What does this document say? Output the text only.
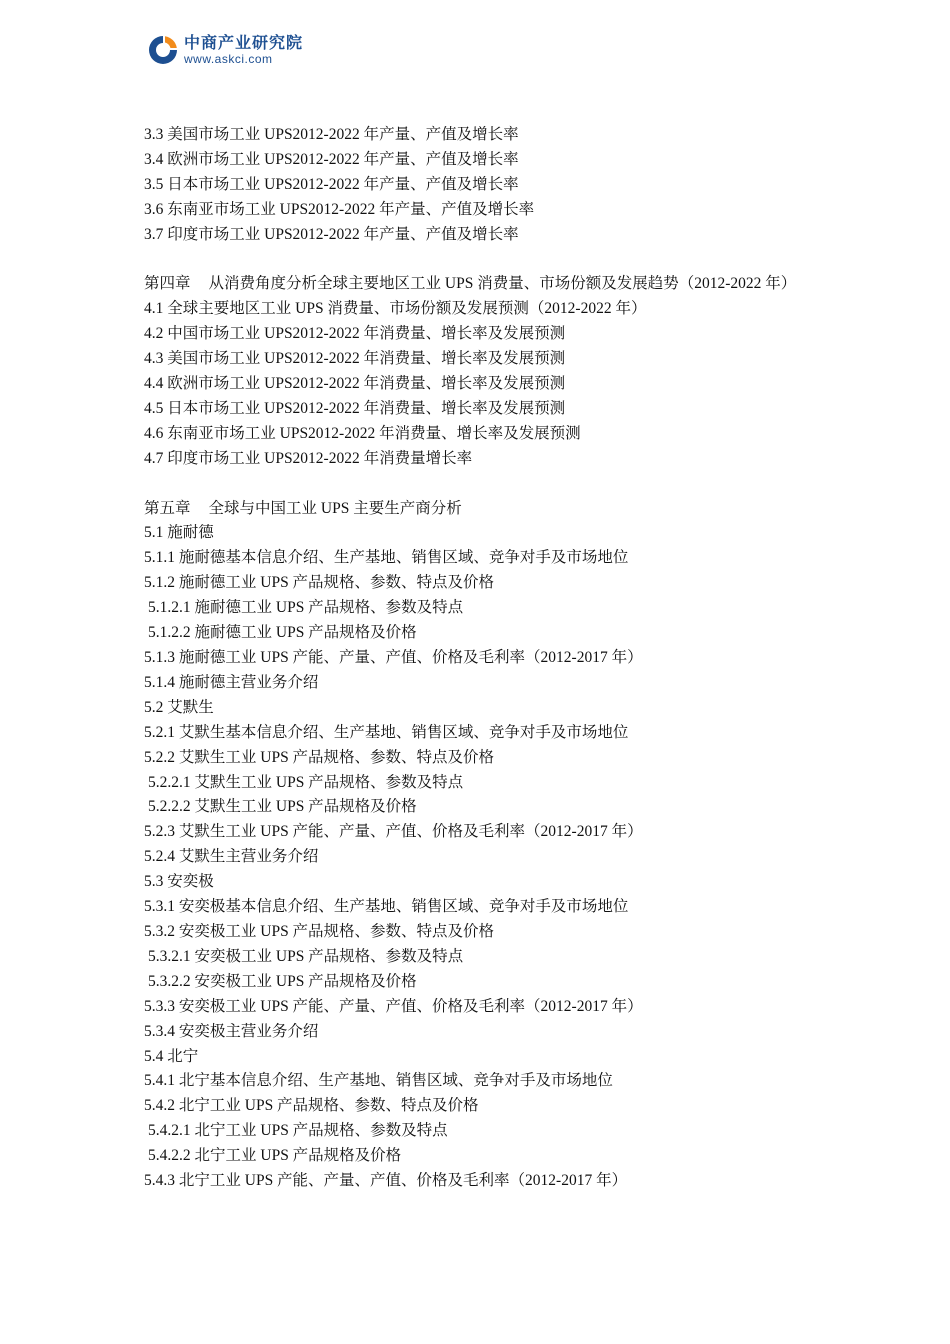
中商产业研究院
www.askci.com
3.3 美国市场工业 UPS2012-2022 年产量、产值及增长率
3.4 欧洲市场工业 UPS2012-2022 年产量、产值及增长率
3.5 日本市场工业 UPS2012-2022 年产量、产值及增长率
3.6 东南亚市场工业 UPS2012-2022 年产量、产值及增长率
3.7 印度市场工业 UPS2012-2022 年产量、产值及增长率
第四章 从消费角度分析全球主要地区工业 UPS 消费量、市场份额及发展趋势（2012-2022 年）
4.1 全球主要地区工业 UPS 消费量、市场份额及发展预测（2012-2022 年）
4.2 中国市场工业 UPS2012-2022 年消费量、增长率及发展预测
4.3 美国市场工业 UPS2012-2022 年消费量、增长率及发展预测
4.4 欧洲市场工业 UPS2012-2022 年消费量、增长率及发展预测
4.5 日本市场工业 UPS2012-2022 年消费量、增长率及发展预测
4.6 东南亚市场工业 UPS2012-2022 年消费量、增长率及发展预测
4.7 印度市场工业 UPS2012-2022 年消费量增长率
第五章 全球与中国工业 UPS 主要生产商分析
5.1 施耐德
5.1.1 施耐德基本信息介绍、生产基地、销售区域、竞争对手及市场地位
5.1.2 施耐德工业 UPS 产品规格、参数、特点及价格
5.1.2.1 施耐德工业 UPS 产品规格、参数及特点
5.1.2.2 施耐德工业 UPS 产品规格及价格
5.1.3 施耐德工业 UPS 产能、产量、产值、价格及毛利率（2012-2017 年）
5.1.4 施耐德主营业务介绍
5.2 艾默生
5.2.1 艾默生基本信息介绍、生产基地、销售区域、竞争对手及市场地位
5.2.2 艾默生工业 UPS 产品规格、参数、特点及价格
5.2.2.1 艾默生工业 UPS 产品规格、参数及特点
5.2.2.2 艾默生工业 UPS 产品规格及价格
5.2.3 艾默生工业 UPS 产能、产量、产值、价格及毛利率（2012-2017 年）
5.2.4 艾默生主营业务介绍
5.3 安奕极
5.3.1 安奕极基本信息介绍、生产基地、销售区域、竞争对手及市场地位
5.3.2 安奕极工业 UPS 产品规格、参数、特点及价格
5.3.2.1 安奕极工业 UPS 产品规格、参数及特点
5.3.2.2 安奕极工业 UPS 产品规格及价格
5.3.3 安奕极工业 UPS 产能、产量、产值、价格及毛利率（2012-2017 年）
5.3.4 安奕极主营业务介绍
5.4 北宁
5.4.1 北宁基本信息介绍、生产基地、销售区域、竞争对手及市场地位
5.4.2 北宁工业 UPS 产品规格、参数、特点及价格
5.4.2.1 北宁工业 UPS 产品规格、参数及特点
5.4.2.2 北宁工业 UPS 产品规格及价格
5.4.3 北宁工业 UPS 产能、产量、产值、价格及毛利率（2012-2017 年）
